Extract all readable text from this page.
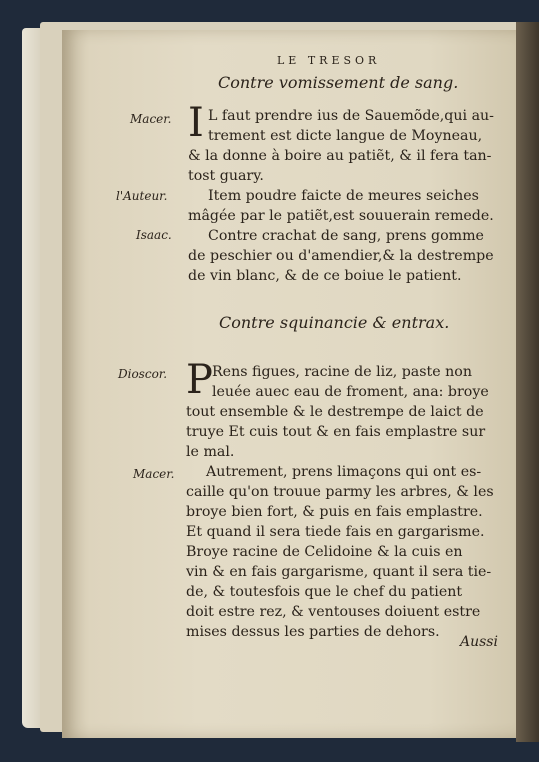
LE TRESOR
Contre vomissement de sang.
Macer.
l'Auteur.
Isaac.
I L faut prendre ius de Sauemõde,qui au-
trement est dicte langue de Moyneau,
& la donne à boire au patiẽt, & il fera tan-
tost guary.
Item poudre faicte de meures seiches
mâgée par le patiẽt,est souuerain remede.
Contre crachat de sang, prens gomme
de peschier ou d'amendier,& la destrempe
de vin blanc, & de ce boiue le patient.
Contre squinancie & entrax.
Dioscor.
Macer.
P Rens figues, racine de liz, paste non
leuée auec eau de froment, ana: broye
tout ensemble & le destrempe de laict de
truye Et cuis tout & en fais emplastre sur
le mal.
Autrement, prens limaçons qui ont es-
caille qu'on trouue parmy les arbres, & les
broye bien fort, & puis en fais emplastre.
Et quand il sera tiede fais en gargarisme.
Broye racine de Celidoine & la cuis en
vin & en fais gargarisme, quant il sera tie-
de, & toutesfois que le chef du patient
doit estre rez, & ventouses doiuent estre
mises dessus les parties de dehors.
Aussi
